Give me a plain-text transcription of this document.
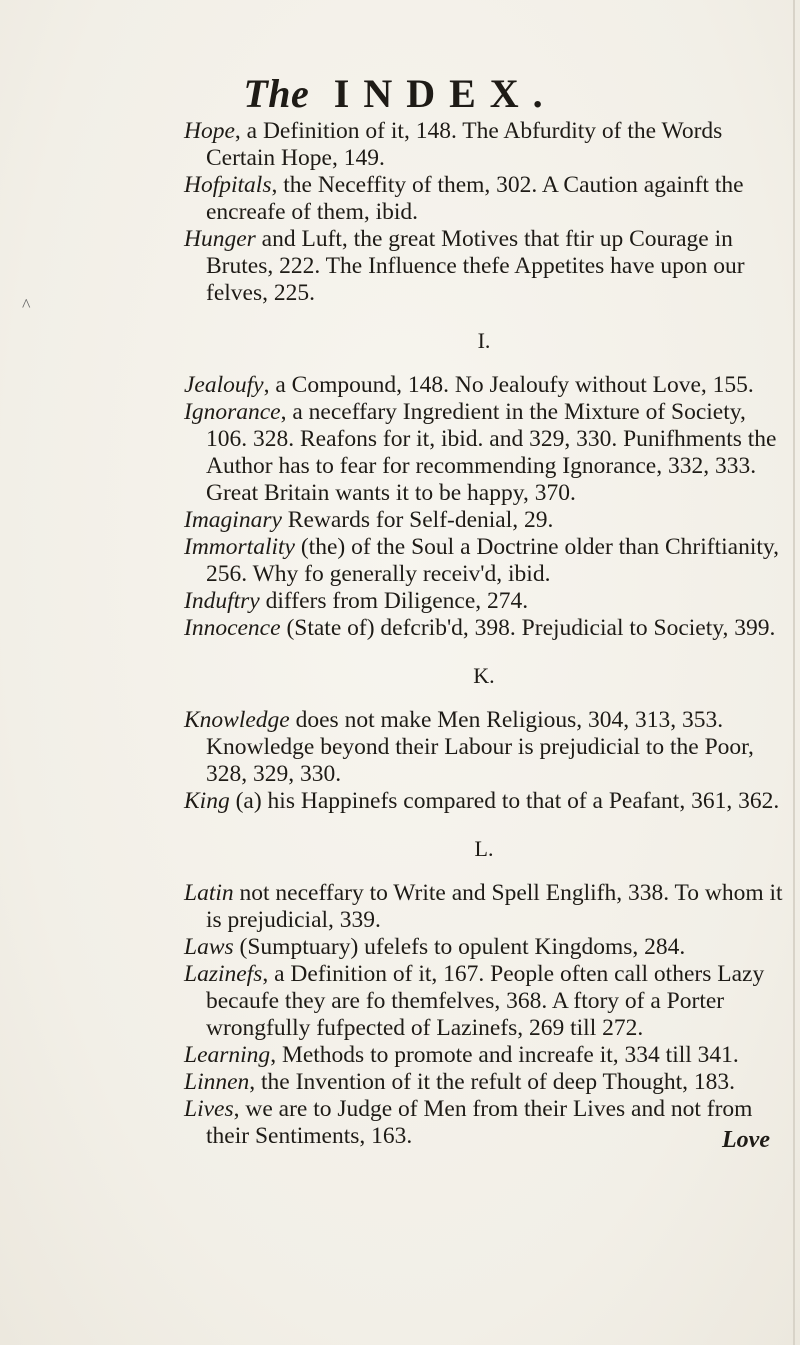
^
The INDEX.
Hope, a Definition of it, 148. The Abfurdity of the Words Certain Hope, 149.
Hofpitals, the Neceffity of them, 302. A Caution againft the encreafe of them, ibid.
Hunger and Luft, the great Motives that ftir up Courage in Brutes, 222. The Influence thefe Appetites have upon our felves, 225.
I.
Jealoufy, a Compound, 148. No Jealoufy without Love, 155.
Ignorance, a neceffary Ingredient in the Mixture of Society, 106. 328. Reafons for it, ibid. and 329, 330. Punifhments the Author has to fear for recommending Ignorance, 332, 333. Great Britain wants it to be happy, 370.
Imaginary Rewards for Self-denial, 29.
Immortality (the) of the Soul a Doctrine older than Chriftianity, 256. Why fo generally receiv'd, ibid.
Induftry differs from Diligence, 274.
Innocence (State of) defcrib'd, 398. Prejudicial to Society, 399.
K.
Knowledge does not make Men Religious, 304, 313, 353. Knowledge beyond their Labour is prejudicial to the Poor, 328, 329, 330.
King (a) his Happinefs compared to that of a Peafant, 361, 362.
L.
Latin not neceffary to Write and Spell Englifh, 338. To whom it is prejudicial, 339.
Laws (Sumptuary) ufelefs to opulent Kingdoms, 284.
Lazinefs, a Definition of it, 167. People often call others Lazy becaufe they are fo themfelves, 368. A ftory of a Porter wrongfully fufpected of Lazinefs, 269 till 272.
Learning, Methods to promote and increafe it, 334 till 341.
Linnen, the Invention of it the refult of deep Thought, 183.
Lives, we are to Judge of Men from their Lives and not from their Sentiments, 163.	Love
